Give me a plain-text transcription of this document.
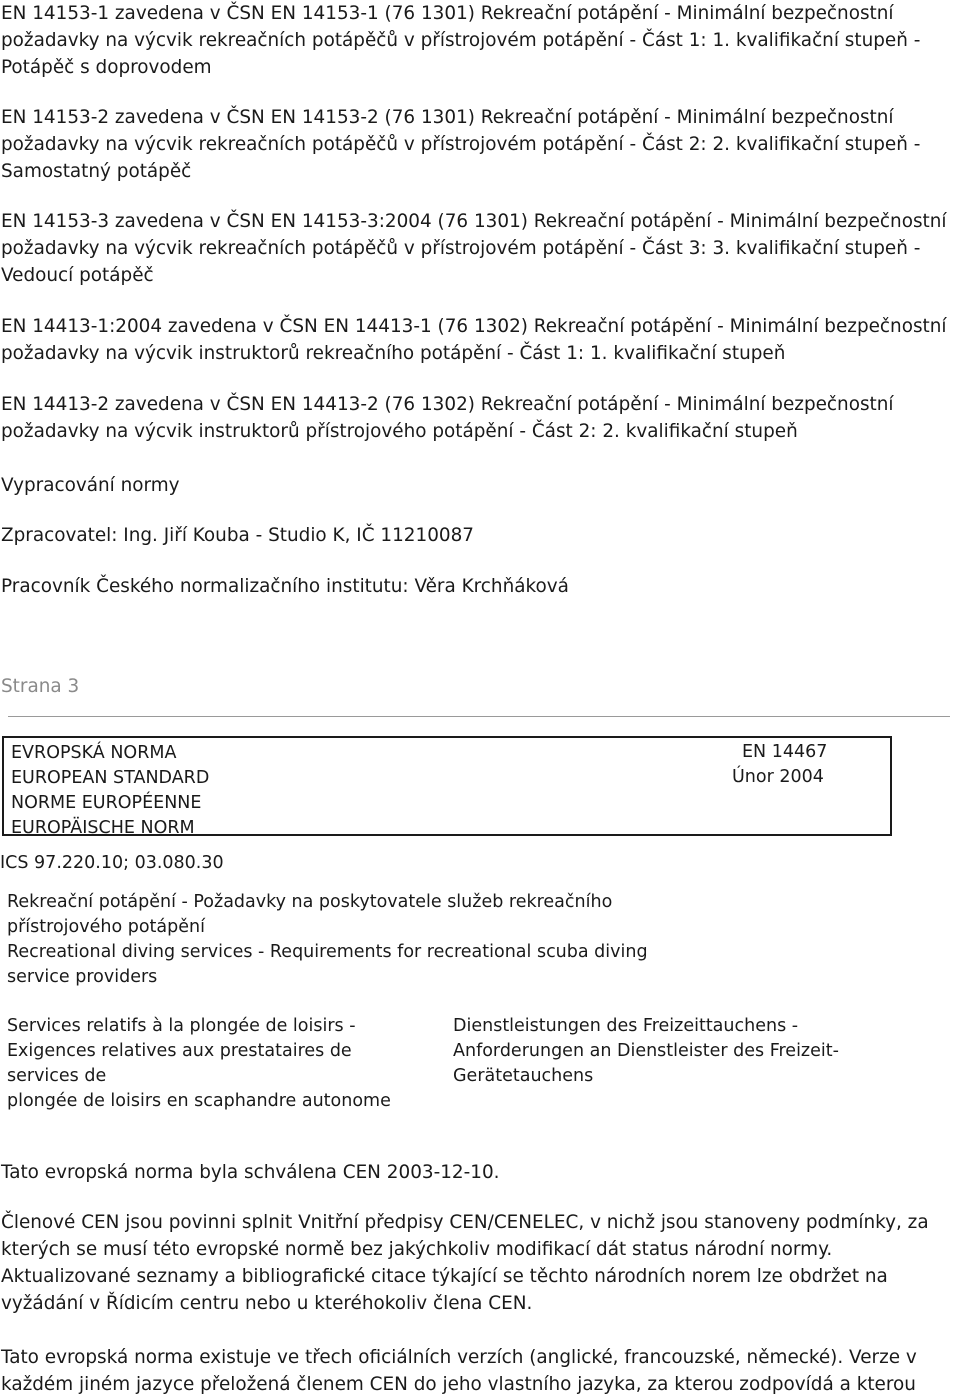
EN 14153-1 zavedena v ČSN EN 14153-1 (76 1301) Rekreační potápění - Minimální bezpečnostní
požadavky na výcvik rekreačních potápěčů v přístrojovém potápění - Část 1: 1. kvalifikační stupeň -
Potápěč s doprovodem
EN 14153-2 zavedena v ČSN EN 14153-2 (76 1301) Rekreační potápění - Minimální bezpečnostní
požadavky na výcvik rekreačních potápěčů v přístrojovém potápění - Část 2: 2. kvalifikační stupeň -
Samostatný potápěč
EN 14153-3 zavedena v ČSN EN 14153-3:2004 (76 1301) Rekreační potápění - Minimální bezpečnostní
požadavky na výcvik rekreačních potápěčů v přístrojovém potápění - Část 3: 3. kvalifikační stupeň -
Vedoucí potápěč
EN 14413-1:2004 zavedena v ČSN EN 14413-1 (76 1302) Rekreační potápění - Minimální bezpečnostní
požadavky na výcvik instruktorů rekreačního potápění - Část 1: 1. kvalifikační stupeň
EN 14413-2 zavedena v ČSN EN 14413-2 (76 1302) Rekreační potápění - Minimální bezpečnostní
požadavky na výcvik instruktorů přístrojového potápění - Část 2: 2. kvalifikační stupeň
Vypracování normy
Zpracovatel: Ing. Jiří Kouba - Studio K, IČ 11210087
Pracovník Českého normalizačního institutu: Věra Krchňáková
Strana 3
EVROPSKÁ NORMA
EUROPEAN STANDARD
NORME EUROPÉENNE
EUROPÄISCHE NORM
EN 14467
Únor 2004
ICS 97.220.10; 03.080.30
Rekreační potápění - Požadavky na poskytovatele služeb rekreačního
přístrojového potápění
Recreational diving services - Requirements for recreational scuba diving
service providers
Services relatifs à la plongée de loisirs -
Exigences relatives aux prestataires de
services de
plongée de loisirs en scaphandre autonome
Dienstleistungen des Freizeittauchens -
Anforderungen an Dienstleister des Freizeit-
Gerätetauchens
Tato evropská norma byla schválena CEN 2003-12-10.
Členové CEN jsou povinni splnit Vnitřní předpisy CEN/CENELEC, v nichž jsou stanoveny podmínky, za
kterých se musí této evropské normě bez jakýchkoliv modifikací dát status národní normy.
Aktualizované seznamy a bibliografické citace týkající se těchto národních norem lze obdržet na
vyžádání v Řídicím centru nebo u kteréhokoliv člena CEN.
Tato evropská norma existuje ve třech oficiálních verzích (anglické, francouzské, německé). Verze v
každém jiném jazyce přeložená členem CEN do jeho vlastního jazyka, za kterou zodpovídá a kterou
